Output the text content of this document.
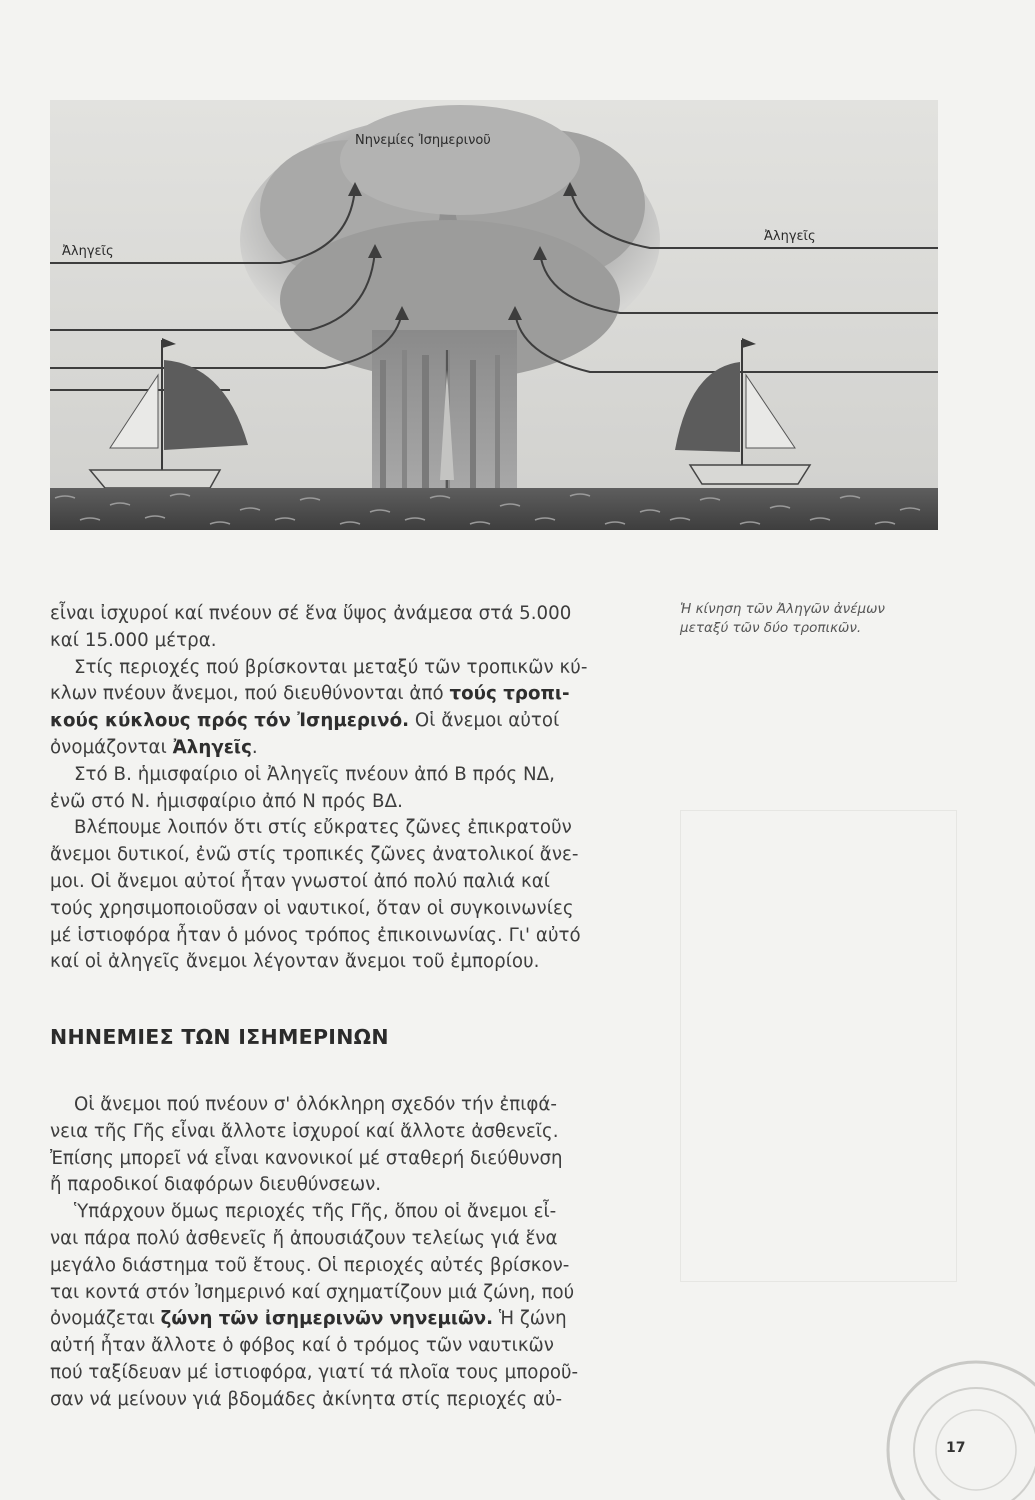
Νηνεμίες Ἰσημερινοῦ
Ἀληγεῖς
Ἀληγεῖς
Ἡ κίνηση τῶν Ἀληγῶν ἀνέμων
μεταξύ τῶν δύο τροπικῶν.
εἶναι ἰσχυροί καί πνέουν σέ ἕνα ὕψος ἀνάμεσα στά 5.000
καί 15.000 μέτρα.
Στίς περιοχές πού βρίσκονται μεταξύ τῶν τροπικῶν κύ-
κλων πνέουν ἄνεμοι, πού διευθύνονται ἀπό τούς τροπι-
κούς κύκλους πρός τόν Ἰσημερινό. Οἱ ἄνεμοι αὐτοί
ὀνομάζονται Ἀληγεῖς.
Στό Β. ἡμισφαίριο οἱ Ἀληγεῖς πνέουν ἀπό Β πρός ΝΔ,
ἐνῶ στό Ν. ἡμισφαίριο ἀπό Ν πρός ΒΔ.
Βλέπουμε λοιπόν ὅτι στίς εὔκρατες ζῶνες ἐπικρατοῦν
ἄνεμοι δυτικοί, ἐνῶ στίς τροπικές ζῶνες ἀνατολικοί ἄνε-
μοι. Οἱ ἄνεμοι αὐτοί ἦταν γνωστοί ἀπό πολύ παλιά καί
τούς χρησιμοποιοῦσαν οἱ ναυτικοί, ὅταν οἱ συγκοινωνίες
μέ ἱστιοφόρα ἦταν ὁ μόνος τρόπος ἐπικοινωνίας. Γι' αὐτό
καί οἱ ἀληγεῖς ἄνεμοι λέγονταν ἄνεμοι τοῦ ἐμπορίου.
ΝΗΝΕΜΙΕΣ ΤΩΝ ΙΣΗΜΕΡΙΝΩΝ
Οἱ ἄνεμοι πού πνέουν σ' ὁλόκληρη σχεδόν τήν ἐπιφά-
νεια τῆς Γῆς εἶναι ἄλλοτε ἰσχυροί καί ἄλλοτε ἀσθενεῖς.
Ἐπίσης μπορεῖ νά εἶναι κανονικοί μέ σταθερή διεύθυνση
ἤ παροδικοί διαφόρων διευθύνσεων.
Ὑπάρχουν ὅμως περιοχές τῆς Γῆς, ὅπου οἱ ἄνεμοι εἶ-
ναι πάρα πολύ ἀσθενεῖς ἤ ἀπουσιάζουν τελείως γιά ἕνα
μεγάλο διάστημα τοῦ ἔτους. Οἱ περιοχές αὐτές βρίσκον-
ται κοντά στόν Ἰσημερινό καί σχηματίζουν μιά ζώνη, πού
ὀνομάζεται ζώνη τῶν ἰσημερινῶν νηνεμιῶν. Ἡ ζώνη
αὐτή ἦταν ἄλλοτε ὁ φόβος καί ὁ τρόμος τῶν ναυτικῶν
πού ταξίδευαν μέ ἱστιοφόρα, γιατί τά πλοῖα τους μποροῦ-
σαν νά μείνουν γιά βδομάδες ἀκίνητα στίς περιοχές αὐ-
17
